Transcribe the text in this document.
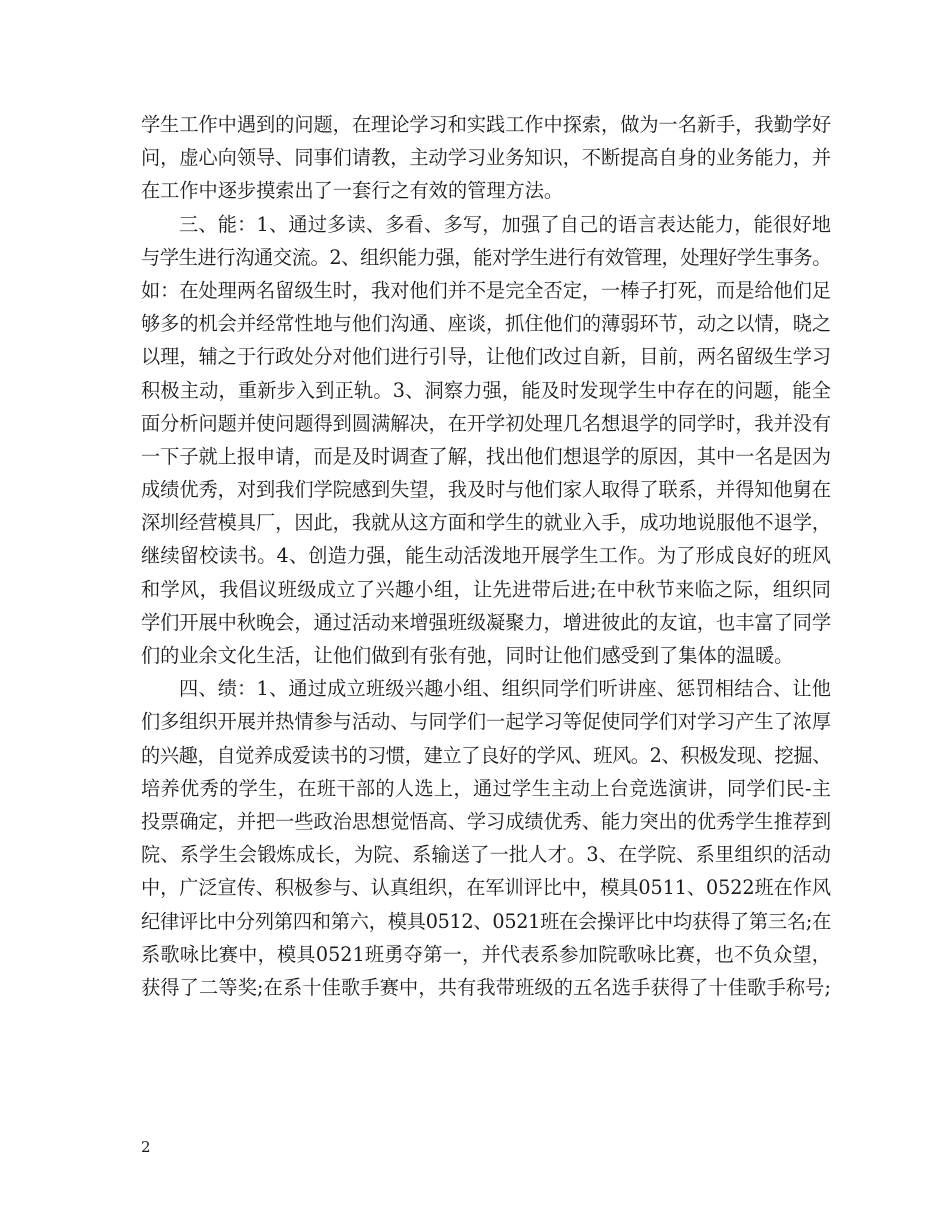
学生工作中遇到的问题，在理论学习和实践工作中探索，做为一名新手，我勤学好
问，虚心向领导、同事们请教，主动学习业务知识，不断提高自身的业务能力，并
在工作中逐步摸索出了一套行之有效的管理方法。
三、能：1、通过多读、多看、多写，加强了自己的语言表达能力，能很好地
与学生进行沟通交流。2、组织能力强，能对学生进行有效管理，处理好学生事务。
如：在处理两名留级生时，我对他们并不是完全否定，一棒子打死，而是给他们足
够多的机会并经常性地与他们沟通、座谈，抓住他们的薄弱环节，动之以情，晓之
以理，辅之于行政处分对他们进行引导，让他们改过自新，目前，两名留级生学习
积极主动，重新步入到正轨。3、洞察力强，能及时发现学生中存在的问题，能全
面分析问题并使问题得到圆满解决，在开学初处理几名想退学的同学时，我并没有
一下子就上报申请，而是及时调查了解，找出他们想退学的原因，其中一名是因为
成绩优秀，对到我们学院感到失望，我及时与他们家人取得了联系，并得知他舅在
深圳经营模具厂，因此，我就从这方面和学生的就业入手，成功地说服他不退学，
继续留校读书。4、创造力强，能生动活泼地开展学生工作。为了形成良好的班风
和学风，我倡议班级成立了兴趣小组，让先进带后进;在中秋节来临之际，组织同
学们开展中秋晚会，通过活动来增强班级凝聚力，增进彼此的友谊，也丰富了同学
们的业余文化生活，让他们做到有张有弛，同时让他们感受到了集体的温暖。
四、绩：1、通过成立班级兴趣小组、组织同学们听讲座、惩罚相结合、让他
们多组织开展并热情参与活动、与同学们一起学习等促使同学们对学习产生了浓厚
的兴趣，自觉养成爱读书的习惯，建立了良好的学风、班风。2、积极发现、挖掘、
培养优秀的学生，在班干部的人选上，通过学生主动上台竞选演讲，同学们民-主
投票确定，并把一些政治思想觉悟高、学习成绩优秀、能力突出的优秀学生推荐到
院、系学生会锻炼成长，为院、系输送了一批人才。3、在学院、系里组织的活动
中，广泛宣传、积极参与、认真组织，在军训评比中，模具0511、0522班在作风
纪律评比中分列第四和第六，模具0512、0521班在会操评比中均获得了第三名;在
系歌咏比赛中，模具0521班勇夺第一，并代表系参加院歌咏比赛，也不负众望，
获得了二等奖;在系十佳歌手赛中，共有我带班级的五名选手获得了十佳歌手称号;
2
